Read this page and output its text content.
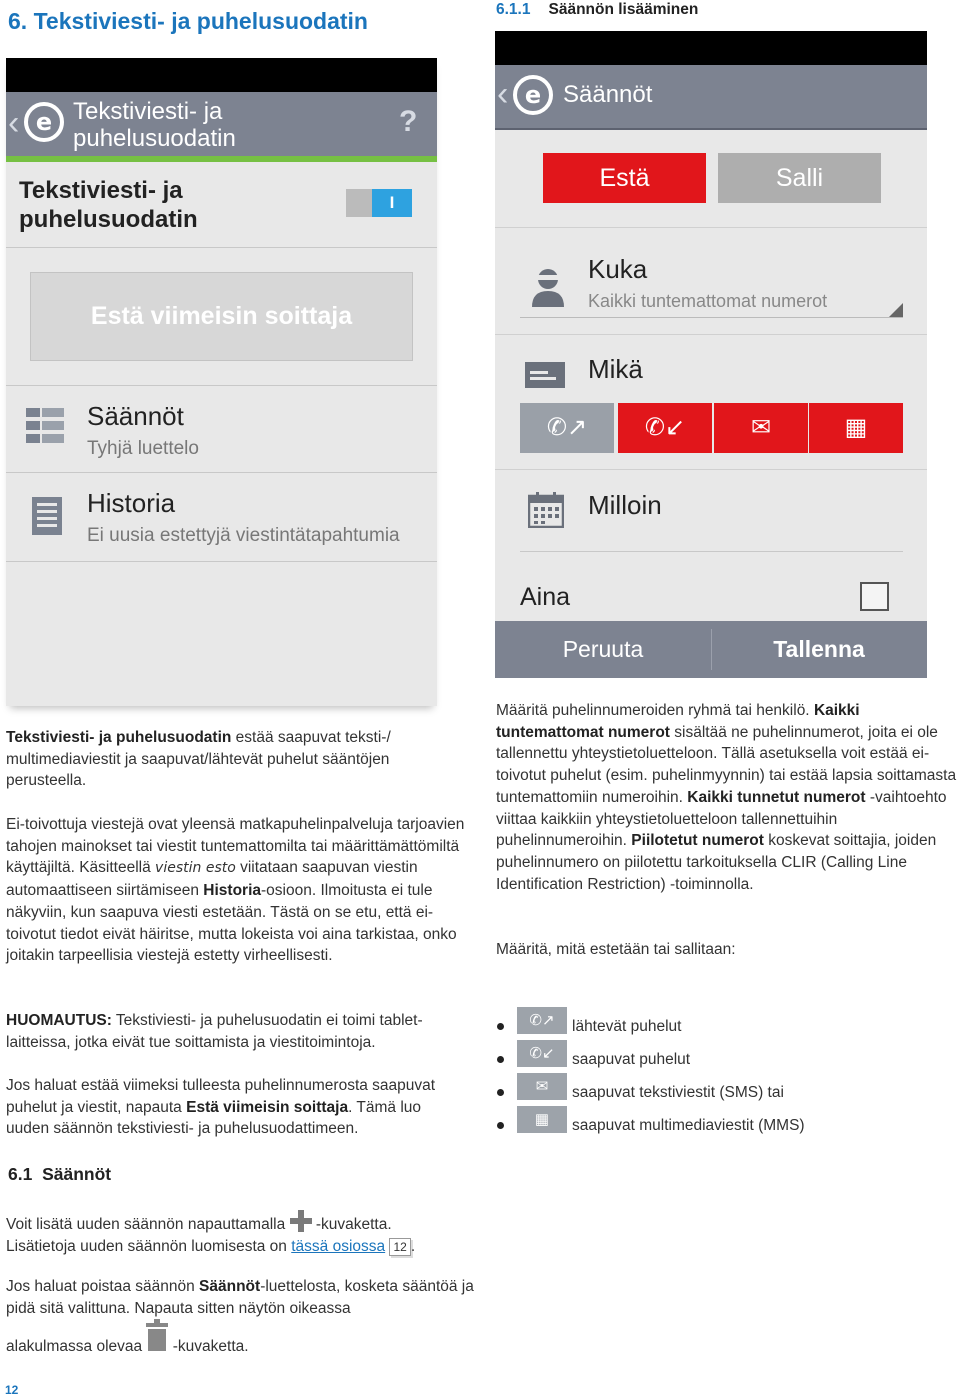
6. Tekstiviesti- ja puhelusuodatin	6.1.1 Säännön lisääminen
‹ e Tekstiviesti- ja
puhelusuodatin
?
Tekstiviesti- ja
puhelusuodatin
I
Estä viimeisin soittaja
Säännöt
Tyhjä luettelo
Historia
Ei uusia estettyjä viestintätapahtumia
‹ e Säännöt
Estä	Salli
Kuka
Kaikki tuntemattomat numerot
Mikä
✆↗	✆↙	✉	▦
Milloin
Aina
Peruuta	Tallenna
Tekstiviesti- ja puhelusuodatin estää saapuvat teksti-/ multimediaviestit ja saapuvat/lähtevät puhelut sääntöjen perusteella.
Ei-toivottuja viestejä ovat yleensä matkapuhelinpalveluja tarjoavien tahojen mainokset tai viestit tuntemattomilta tai määrittämättömiltä käyttäjiltä. Käsitteellä viestin esto viitataan saapuvan viestin automaattiseen siirtämiseen Historia-osioon. Ilmoitusta ei tule näkyviin, kun saapuva viesti estetään. Tästä on se etu, että ei-toivotut tiedot eivät häiritse, mutta lokeista voi aina tarkistaa, onko joitakin tarpeellisia viestejä estetty virheellisesti.
HUOMAUTUS: Tekstiviesti- ja puhelusuodatin ei toimi tablet-laitteissa, jotka eivät tue soittamista ja viestitoimintoja.
Jos haluat estää viimeksi tulleesta puhelinnumerosta saapuvat puhelut ja viestit, napauta Estä viimeisin soittaja. Tämä luo uuden säännön tekstiviesti- ja puhelusuodattimeen.
6.1 Säännöt
Voit lisätä uuden säännön napauttamalla  -kuvaketta.
Lisätietoja uuden säännön luomisesta on tässä osiossa 12 .
Jos haluat poistaa säännön Säännöt-luettelosta, kosketa sääntöä ja pidä sitä valittuna. Napauta sitten näytön oikeassa
alakulmassa olevaa  -kuvaketta.
12
Määritä puhelinnumeroiden ryhmä tai henkilö. Kaikki tuntemattomat numerot sisältää ne puhelinnumerot, joita ei ole tallennettu yhteystietoluetteloon. Tällä asetuksella voit estää ei-toivotut puhelut (esim. puhelinmyynnin) tai estää lapsia soittamasta tuntemattomiin numeroihin. Kaikki tunnetut numerot -vaihtoehto viittaa kaikkiin yhteystietoluetteloon tallennettuihin puhelinnumeroihin. Piilotetut numerot koskevat soittajia, joiden puhelinnumero on piilotettu tarkoituksella CLIR (Calling Line Identification Restriction) -toiminnolla.
Määritä, mitä estetään tai sallitaan:
✆↗	lähtevät puhelut
✆↙	saapuvat puhelut
✉	saapuvat tekstiviestit (SMS) tai
▦	saapuvat multimediaviestit (MMS)
